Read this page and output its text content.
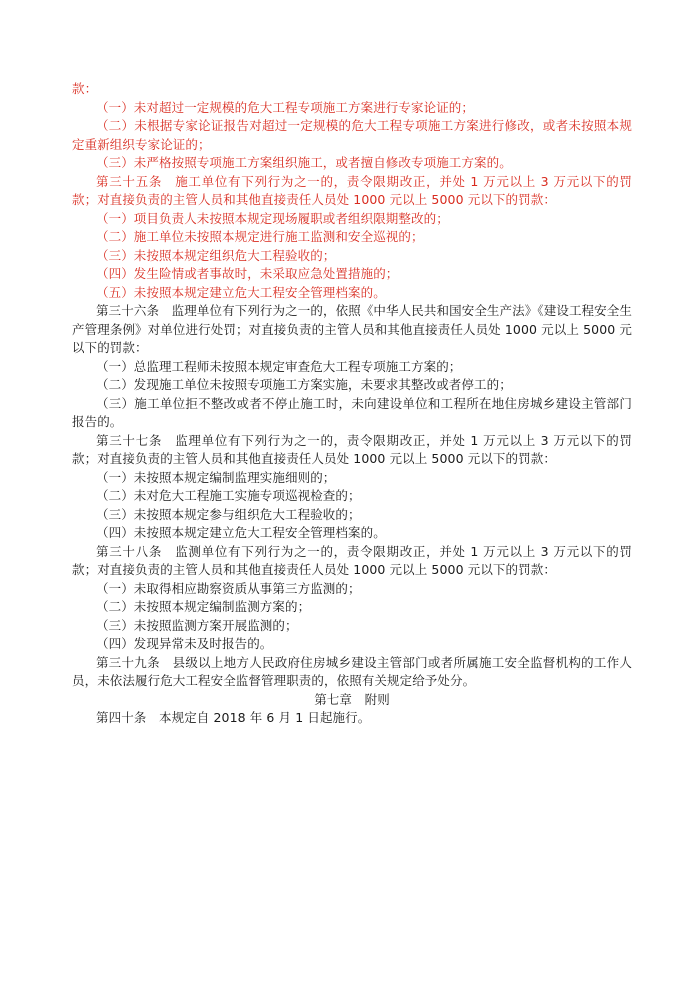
款：

（一）未对超过一定规模的危大工程专项施工方案进行专家论证的；

（二）未根据专家论证报告对超过一定规模的危大工程专项施工方案进行修改，或者未按照本规定重新组织专家论证的；

（三）未严格按照专项施工方案组织施工，或者擅自修改专项施工方案的。

第三十五条　施工单位有下列行为之一的，责令限期改正，并处 1 万元以上 3 万元以下的罚款；对直接负责的主管人员和其他直接责任人员处 1000 元以上 5000 元以下的罚款：

（一）项目负责人未按照本规定现场履职或者组织限期整改的；

（二）施工单位未按照本规定进行施工监测和安全巡视的；

（三）未按照本规定组织危大工程验收的；

（四）发生险情或者事故时，未采取应急处置措施的；

（五）未按照本规定建立危大工程安全管理档案的。

第三十六条　监理单位有下列行为之一的，依照《中华人民共和国安全生产法》《建设工程安全生产管理条例》对单位进行处罚；对直接负责的主管人员和其他直接责任人员处 1000 元以上 5000 元以下的罚款：

（一）总监理工程师未按照本规定审查危大工程专项施工方案的；

（二）发现施工单位未按照专项施工方案实施，未要求其整改或者停工的；

（三）施工单位拒不整改或者不停止施工时，未向建设单位和工程所在地住房城乡建设主管部门报告的。

第三十七条　监理单位有下列行为之一的，责令限期改正，并处 1 万元以上 3 万元以下的罚款；对直接负责的主管人员和其他直接责任人员处 1000 元以上 5000 元以下的罚款：

（一）未按照本规定编制监理实施细则的；

（二）未对危大工程施工实施专项巡视检查的；

（三）未按照本规定参与组织危大工程验收的；

（四）未按照本规定建立危大工程安全管理档案的。

第三十八条　监测单位有下列行为之一的，责令限期改正，并处 1 万元以上 3 万元以下的罚款；对直接负责的主管人员和其他直接责任人员处 1000 元以上 5000 元以下的罚款：

（一）未取得相应勘察资质从事第三方监测的；

（二）未按照本规定编制监测方案的；

（三）未按照监测方案开展监测的；

（四）发现异常未及时报告的。

第三十九条　县级以上地方人民政府住房城乡建设主管部门或者所属施工安全监督机构的工作人员，未依法履行危大工程安全监督管理职责的，依照有关规定给予处分。

第七章　附则

第四十条　本规定自 2018 年 6 月 1 日起施行。
